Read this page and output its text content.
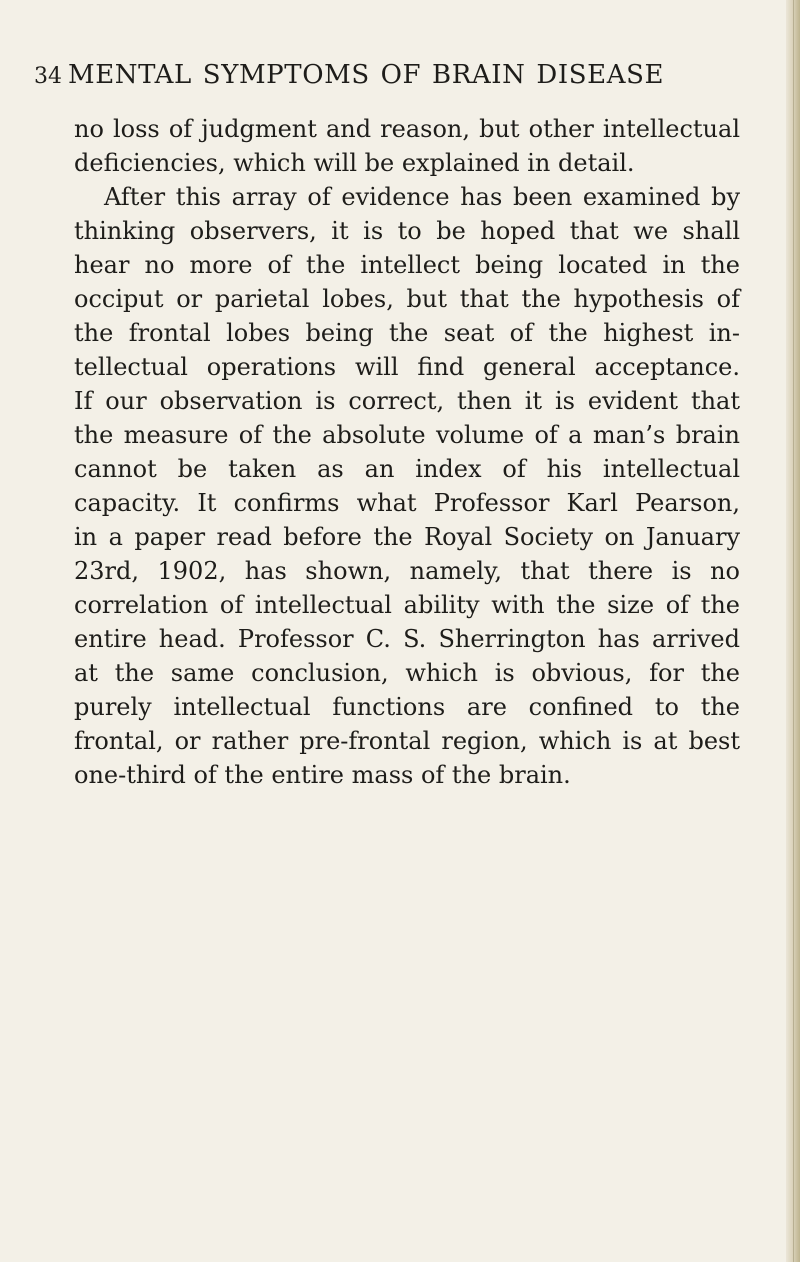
34 MENTAL SYMPTOMS OF BRAIN DISEASE
no loss of judgment and reason, but other intellectual
deficiencies, which will be explained in detail.
After this array of evidence has been examined by
thinking observers, it is to be hoped that we shall
hear no more of the intellect being located in the
occiput or parietal lobes, but that the hypothesis of
the frontal lobes being the seat of the highest in-
tellectual operations will find general acceptance.
If our observation is correct, then it is evident that
the measure of the absolute volume of a man’s brain
cannot be taken as an index of his intellectual
capacity. It confirms what Professor Karl Pearson,
in a paper read before the Royal Society on January
23rd, 1902, has shown, namely, that there is no
correlation of intellectual ability with the size of the
entire head. Professor C. S. Sherrington has arrived
at the same conclusion, which is obvious, for the
purely intellectual functions are confined to the
frontal, or rather pre-frontal region, which is at best
one-third of the entire mass of the brain.
